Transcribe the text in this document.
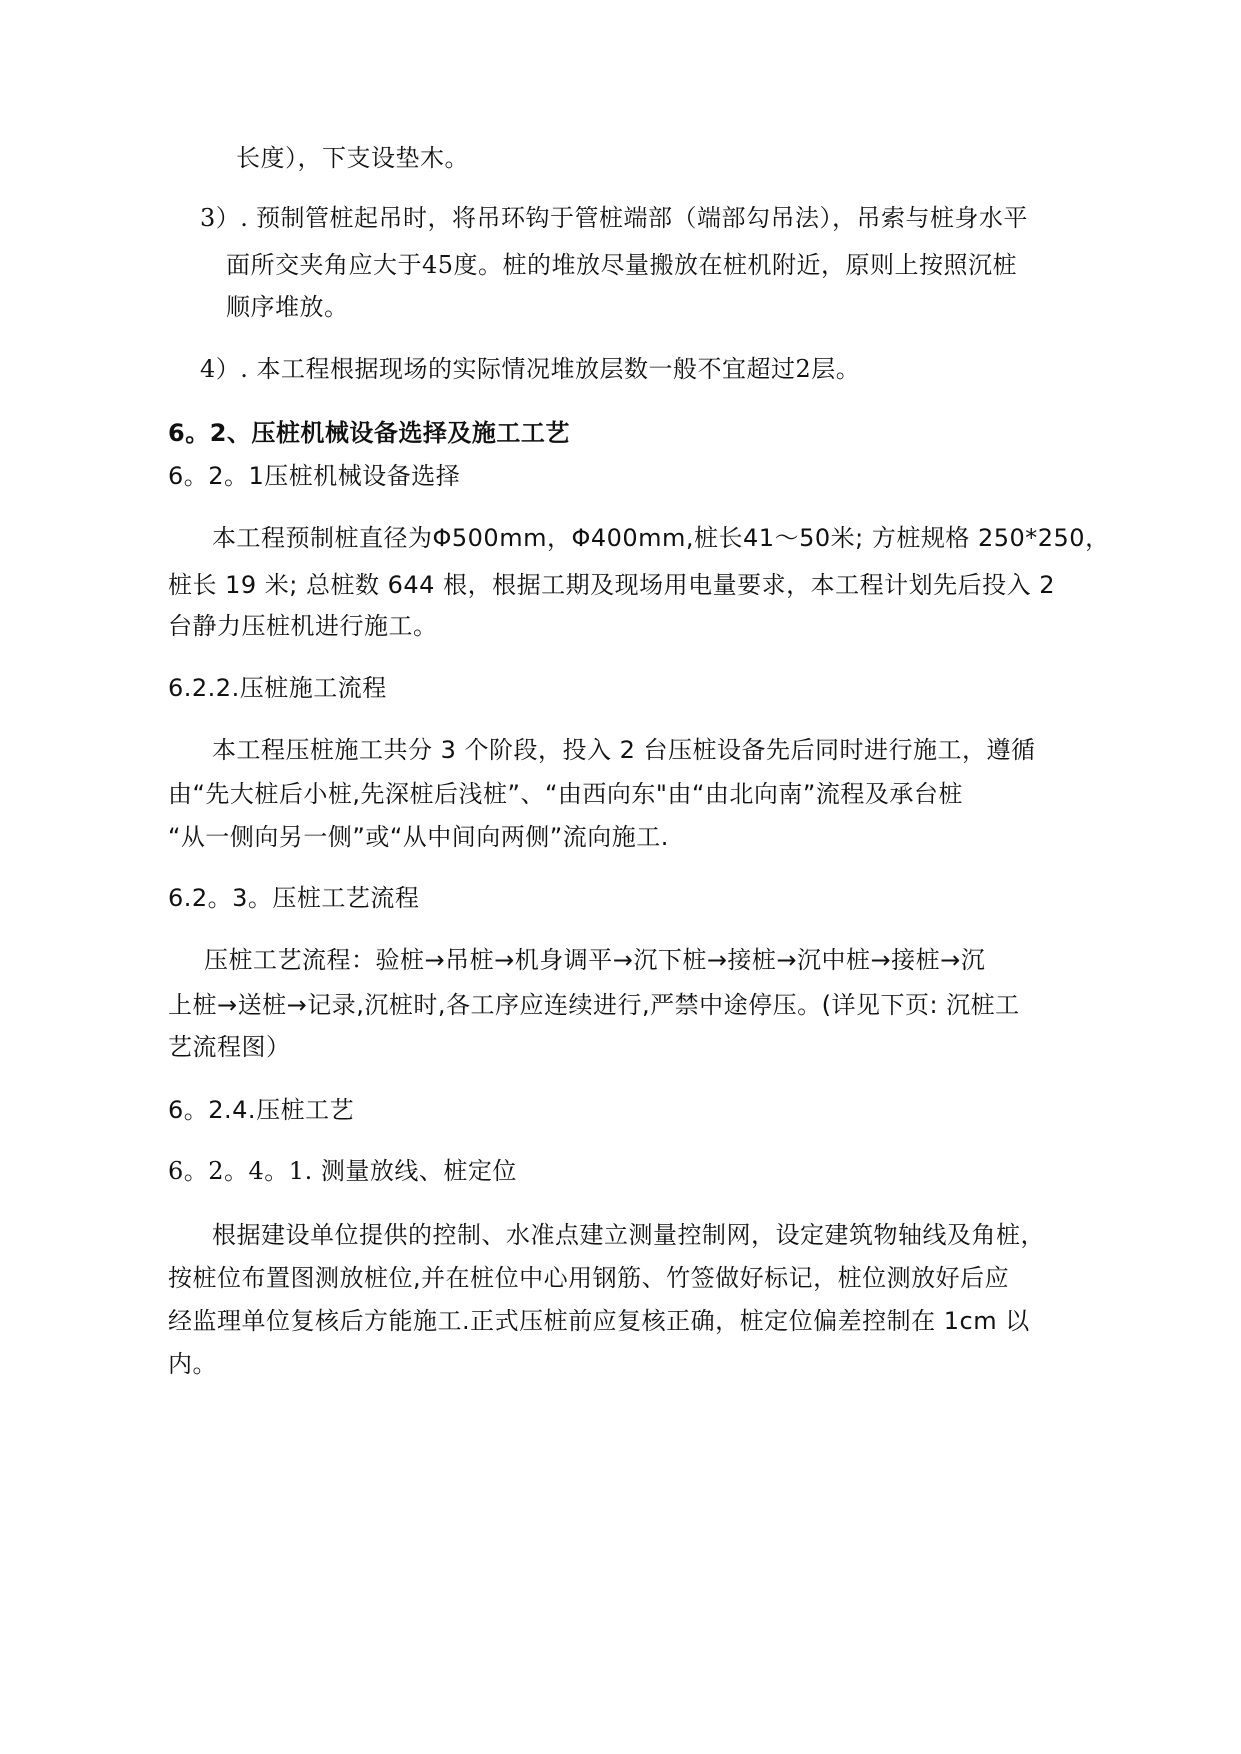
长度），下支设垫木。
3）. 预制管桩起吊时，将吊环钩于管桩端部（端部勾吊法），吊索与桩身水平
面所交夹角应大于45度。桩的堆放尽量搬放在桩机附近，原则上按照沉桩
顺序堆放。
4）. 本工程根据现场的实际情况堆放层数一般不宜超过2层。
6。2、压桩机械设备选择及施工工艺
6。2。1压桩机械设备选择
本工程预制桩直径为Φ500mm，Φ400mm,桩长41～50米; 方桩规格 250*250，
桩长 19 米; 总桩数 644 根，根据工期及现场用电量要求，本工程计划先后投入 2
台静力压桩机进行施工。
6.2.2.压桩施工流程
本工程压桩施工共分 3 个阶段，投入 2 台压桩设备先后同时进行施工，遵循
由“先大桩后小桩,先深桩后浅桩”、“由西向东"由“由北向南”流程及承台桩
“从一侧向另一侧”或“从中间向两侧”流向施工.
6.2。3。压桩工艺流程
压桩工艺流程：验桩→吊桩→机身调平→沉下桩→接桩→沉中桩→接桩→沉
上桩→送桩→记录,沉桩时,各工序应连续进行,严禁中途停压。(详见下页: 沉桩工
艺流程图）
6。2.4.压桩工艺
6。2。4。1. 测量放线、桩定位
根据建设单位提供的控制、水准点建立测量控制网，设定建筑物轴线及角桩，
按桩位布置图测放桩位,并在桩位中心用钢筋、竹签做好标记，桩位测放好后应
经监理单位复核后方能施工.正式压桩前应复核正确，桩定位偏差控制在 1cm 以
内。
